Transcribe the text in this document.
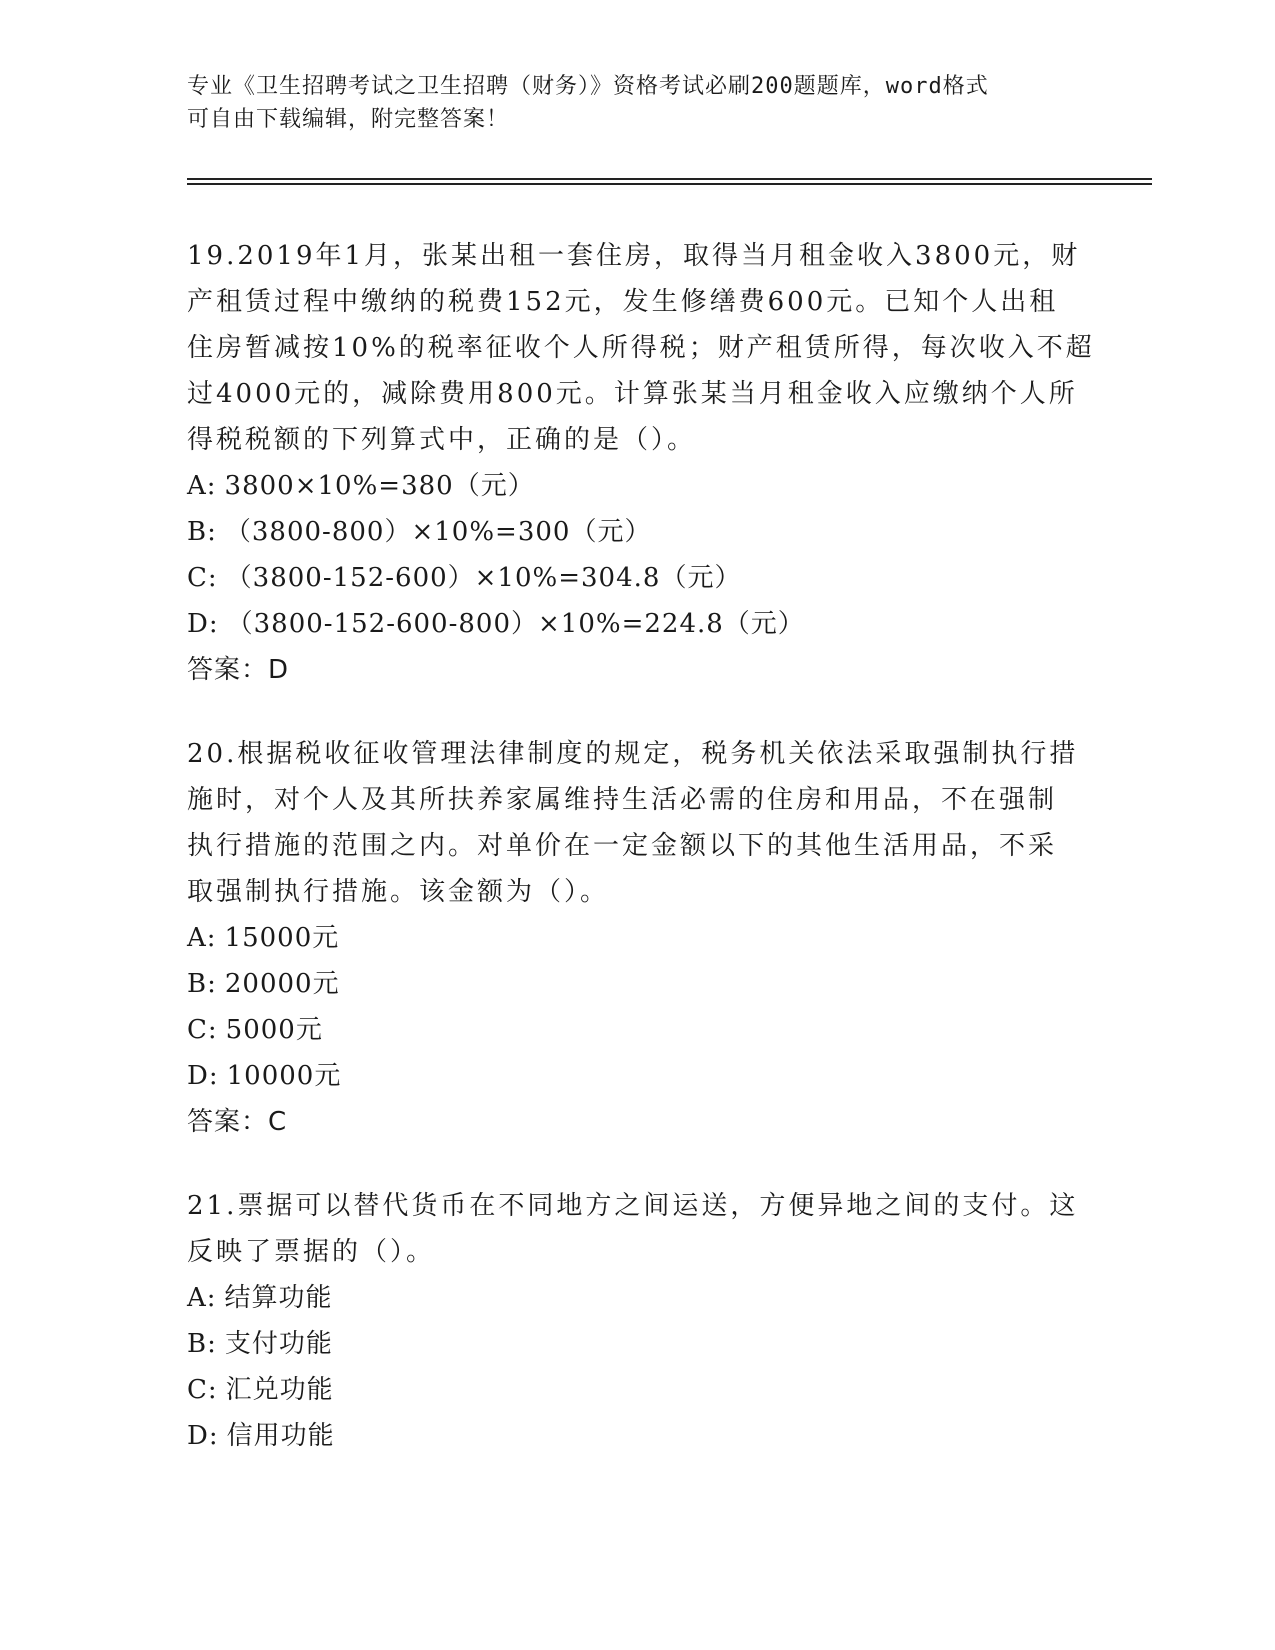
专业《卫生招聘考试之卫生招聘（财务）》资格考试必刷200题题库，word格式
可自由下载编辑，附完整答案！
19.2019年1月，张某出租一套住房，取得当月租金收入3800元，财
产租赁过程中缴纳的税费152元，发生修缮费600元。已知个人出租
住房暂减按10%的税率征收个人所得税；财产租赁所得，每次收入不超
过4000元的，减除费用800元。计算张某当月租金收入应缴纳个人所
得税税额的下列算式中，正确的是（）。
A: 3800×10%=380（元）
B: （3800-800）×10%=300（元）
C: （3800-152-600）×10%=304.8（元）
D: （3800-152-600-800）×10%=224.8（元）
答案：D
20.根据税收征收管理法律制度的规定，税务机关依法采取强制执行措
施时，对个人及其所扶养家属维持生活必需的住房和用品，不在强制
执行措施的范围之内。对单价在一定金额以下的其他生活用品，不采
取强制执行措施。该金额为（）。
A: 15000元
B: 20000元
C: 5000元
D: 10000元
答案：C
21.票据可以替代货币在不同地方之间运送，方便异地之间的支付。这
反映了票据的（）。
A: 结算功能
B: 支付功能
C: 汇兑功能
D: 信用功能
